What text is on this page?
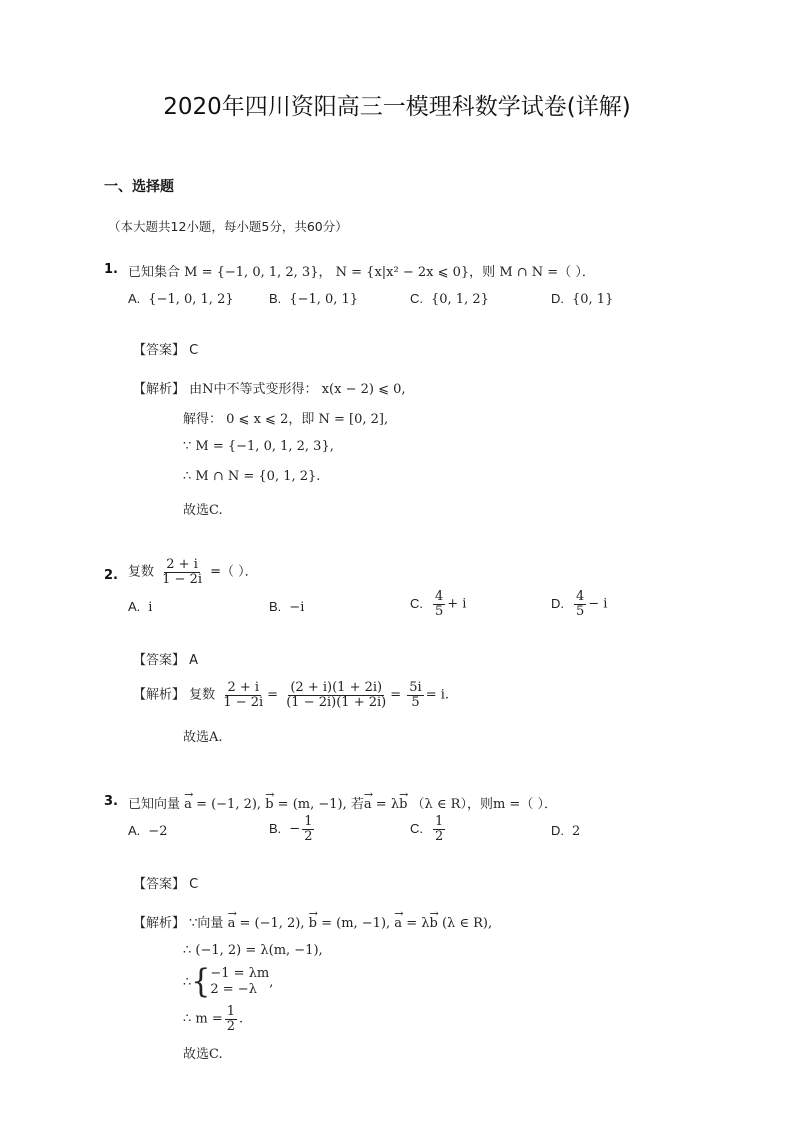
2020年四川资阳高三一模理科数学试卷(详解)
一、选择题
（本大题共12小题，每小题5分，共60分）
1. 已知集合 M = {−1, 0, 1, 2, 3}， N = {x|x² − 2x ⩽ 0}，则 M ∩ N =（ ）．
A. {−1, 0, 1, 2}	B. {−1, 0, 1}	C. {0, 1, 2}	D. {0, 1}
【答案】 C
【解析】 由N中不等式变形得： x(x − 2) ⩽ 0,
解得： 0 ⩽ x ⩽ 2，即 N = [0, 2],
∵ M = {−1, 0, 1, 2, 3},
∴ M ∩ N = {0, 1, 2}.
故选C.
2. 复数 $\frac{2 + i}{1 - 2i}$ =（ ）．
A. i	B. −i	C. $\frac{4}{5} + i$	D. $\frac{4}{5} - i$
【答案】 A
【解析】 复数 $\frac{2 + i}{1 - 2i} = \frac{(2 + i)(1 + 2i)}{(1 - 2i)(1 + 2i)} = \frac{5i}{5} = i$.
故选A.
3. 已知向量 → a = (−1, 2), → b = (m, −1), 若→ a = λ→ b （λ ∈ R），则m =（ ）．
A. −2	B. − $\frac{1}{2}$	C. $\frac{1}{2}$	D. 2
【答案】 C
【解析】 ∵向量 → a = (−1, 2), → b = (m, −1), → a = λ→ b (λ ∈ R),
∴ (−1, 2) = λ(m, −1),
∴{ −1 = λm
2 = −λ ,
∴ $m = \frac{1}{2}$ .
故选C.
